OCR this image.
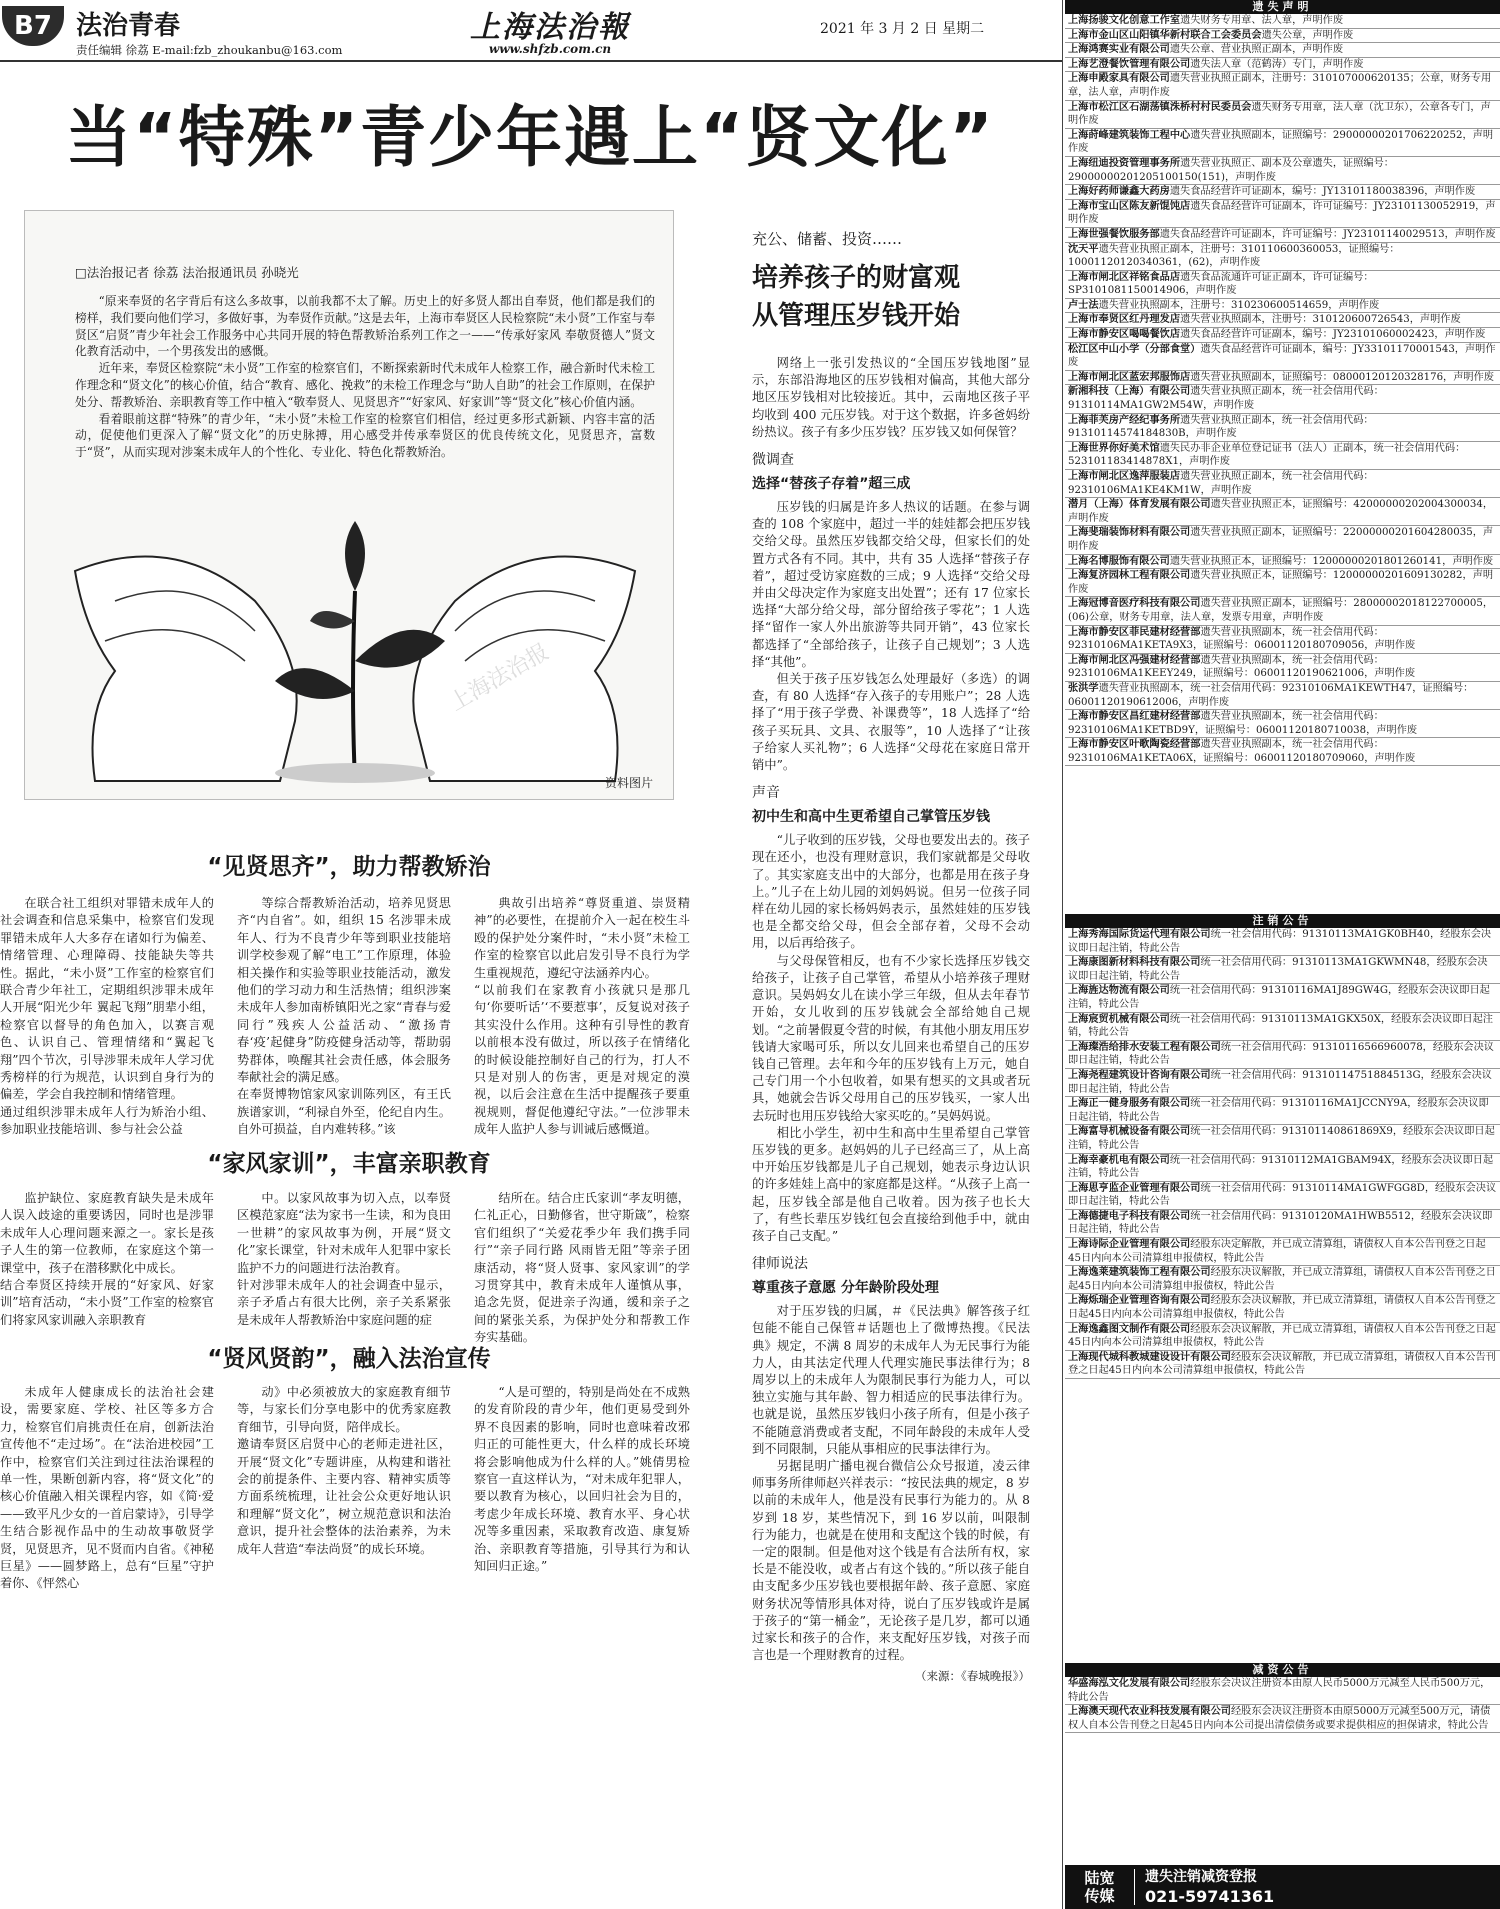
B7 法治青春
责任编辑 徐荔 E-mail:fzb_zhoukanbu@163.com
上海法治報
www.shfzb.com.cn
2021 年 3 月 2 日 星期二
当“特殊”青少年遇上“贤文化”
□法治报记者 徐荔 法治报通讯员 孙晓光

“原来奉贤的名字背后有这么多故事，以前我都不太了解。历史上的好多贤人都出自奉贤，他们都是我们的榜样，我们要向他们学习，多做好事，为奉贤作贡献。”这是去年，上海市奉贤区人民检察院“未小贤”工作室与奉贤区“启贤”青少年社会工作服务中心共同开展的特色帮教矫治系列工作之一——“传承好家风 奉敬贤德人”贤文化教育活动中，一个男孩发出的感慨。

近年来，奉贤区检察院“未小贤”工作室的检察官们，不断探索新时代未成年人检察工作，融合新时代未检工作理念和“贤文化”的核心价值，结合“教育、感化、挽救”的未检工作理念与“助人自助”的社会工作原则，在保护处分、帮教矫治、亲职教育等工作中植入“敬奉贤人、见贤思齐”“好家风、好家训”等“贤文化”核心价值内涵。

看着眼前这群“特殊”的青少年，“未小贤”未检工作室的检察官们相信，经过更多形式新颖、内容丰富的活动，促使他们更深入了解“贤文化”的历史脉搏，用心感受并传承奉贤区的优良传统文化，见贤思齐，富数于“贤”，从而实现对涉案未成年人的个性化、专业化、特色化帮教矫治。

上海法治报
资料图片
“见贤思齐”，助力帮教矫治

在联合社工组织对罪错未成年人的社会调查和信息采集中，检察官们发现罪错未成年人大多存在诸如行为偏差、情绪管理、心理障碍、技能缺失等共性。据此，“未小贤”工作室的检察官们联合青少年社工，定期组织涉罪未成年人开展“阳光少年 翼起飞翔”朋辈小组，检察官以督导的角色加入，以赛言观色、认识自己、管理情绪和“翼起飞翔”四个节次，引导涉罪未成年人学习优秀榜样的行为规范，认识到自身行为的偏差，学会自我控制和情绪管理。
通过组织涉罪未成年人行为矫治小组、参加职业技能培训、参与社会公益

等综合帮教矫治活动，培养见贤思齐“内自省”。如，组织 15 名涉罪未成年人、行为不良青少年等到职业技能培训学校参观了解“电工”工作原理，体验相关操作和实验等职业技能活动，激发他们的学习动力和生活热情；组织涉案未成年人参加南桥镇阳光之家“青春与爱同行”残疾人公益活动、“激扬青春‘疫’起健身”防疫健身活动等，帮助弱势群体，唤醒其社会责任感，体会服务奉献社会的满足感。
在奉贤博物馆家风家训陈列区，有王氏族谱家训，“利禄自外至，伦纪自内生。自外可损益，自内难转移。”该

典故引出培养“尊贤重道、崇贤精神”的必要性，在提前介入一起在校生斗殴的保护处分案件时，“未小贤”未检工作室的检察官以此启发引导不良行为学生重视规范，遵纪守法涵养内心。
“以前我们在家教育小孩就只是那几句‘你要听话’‘不要惹事’，反复说对孩子其实没什么作用。这种有引导性的教育以前根本没有做过，所以孩子在情绪化的时候设能控制好自己的行为，打人不只是对别人的伤害，更是对规定的漠视，以后会注意在生活中提醒孩子要重视规则，督促他遵纪守法。”一位涉罪未成年人监护人参与训诫后感慨道。

“家风家训”，丰富亲职教育

监护缺位、家庭教育缺失是未成年人误入歧途的重要诱因，同时也是涉罪未成年人心理问题来源之一。家长是孩子人生的第一位教师，在家庭这个第一课堂中，孩子在潜移默化中成长。
结合奉贤区持续开展的“好家风、好家训”培育活动，“未小贤”工作室的检察官们将家风家训融入亲职教育

中。以家风故事为切入点，以奉贤区模范家庭“法为家书一生读，和为良田一世耕”的家风故事为例，开展“贤文化”家长课堂，针对未成年人犯罪中家长监护不力的问题进行法治教育。
针对涉罪未成年人的社会调查中显示，亲子矛盾占有很大比例，亲子关系紧张是未成年人帮教矫治中家庭问题的症

结所在。结合庄氏家训“孝友明德，仁礼正心，日勤修省，世守斯箴”，检察官们组织了“关爱花季少年 我们携手同行”“亲子同行路 风雨皆无阻”等亲子团康活动，将“贤人贤事、家风家训”的学习贯穿其中，教育未成年人谨慎从事，追念先贤，促进亲子沟通，缓和亲子之间的紧张关系，为保护处分和帮教工作夯实基础。

“贤风贤韵”，融入法治宣传

未成年人健康成长的法治社会建设，需要家庭、学校、社区等多方合力，检察官们肩挑责任在肩，创新法治宣传他不“走过场”。在“法治进校园”工作中，检察官们关注到过往法治课程的单一性，果断创新内容，将“贤文化”的核心价值融入相关课程内容，如《简·爱——致平凡少女的一首启蒙诗》，引导学生结合影视作品中的生动故事敬贤学贤，见贤思齐，见不贤而内自省。《神秘巨星》——圆梦路上，总有“巨星”守护着你、《怦然心

动》中必须被放大的家庭教育细节等，与家长们分享电影中的优秀家庭教育细节，引导向贤，陪伴成长。
邀请奉贤区启贤中心的老师走进社区，开展“贤文化”专题讲座，从构建和谐社会的前提条件、主要内容、精神实质等方面系统梳理，让社会公众更好地认识和理解“贤文化”，树立规范意识和法治意识，提升社会整体的法治素养，为未成年人营造“奉法尚贤”的成长环境。

“人是可塑的，特别是尚处在不成熟的发育阶段的青少年，他们更易受到外界不良因素的影响，同时也意味着改邪归正的可能性更大，什么样的成长环境将会影响他成为什么样的人。”姚倩男检察官一直这样认为，“对未成年犯罪人，要以教育为核心，以回归社会为目的，考虑少年成长环境、教育水平、身心状况等多重因素，采取教育改造、康复矫治、亲职教育等措施，引导其行为和认知回归正途。”

充公、储蓄、投资……
培养孩子的财富观
从管理压岁钱开始

网络上一张引发热议的“全国压岁钱地图”显示，东部沿海地区的压岁钱相对偏高，其他大部分地区压岁钱相对比较接近。其中，云南地区孩子平均收到 400 元压岁钱。对于这个数据，许多爸妈纷纷热议。孩子有多少压岁钱？压岁钱又如何保管？

微调查
选择“替孩子存着”超三成

压岁钱的归属是许多人热议的话题。在参与调查的 108 个家庭中，超过一半的娃娃都会把压岁钱交给父母。虽然压岁钱都交给父母，但家长们的处置方式各有不同。其中，共有 35 人选择“替孩子存着”，超过受访家庭数的三成；9 人选择“交给父母并由父母决定作为家庭支出处置”；还有 17 位家长选择“大部分给父母，部分留给孩子零花”；1 人选择“留作一家人外出旅游等共同开销”，43 位家长都选择了“全部给孩子，让孩子自己规划”；3 人选择“其他”。

但关于孩子压岁钱怎么处理最好（多选）的调查，有 80 人选择“存入孩子的专用账户”；28 人选择了“用于孩子学费、补课费等”，18 人选择了“给孩子买玩具、文具、衣服等”，10 人选择了“让孩子给家人买礼物”；6 人选择“父母花在家庭日常开销中”。

声音
初中生和高中生更希望自己掌管压岁钱

“儿子收到的压岁钱，父母也要发出去的。孩子现在还小，也没有理财意识，我们家就都是父母收了。其实家庭支出中的大部分，也都是用在孩子身上。”儿子在上幼儿园的刘妈妈说。但另一位孩子同样在幼儿园的家长杨妈妈表示，虽然娃娃的压岁钱也是全都交给父母，但会全部存着，父母不会动用，以后再给孩子。

与父母保管相反，也有不少家长选择压岁钱交给孩子，让孩子自己掌管，希望从小培养孩子理财意识。吴妈妈女儿在读小学三年级，但从去年春节开始，女儿收到的压岁钱就会全部给她自己规划。“之前暑假夏令营的时候，有其他小朋友用压岁钱请大家喝可乐，所以女儿回来也希望自己的压岁钱自己管理。去年和今年的压岁钱有上万元，她自己专门用一个小包收着，如果有想买的文具或者玩具，她就会告诉父母用自己的压岁钱买，一家人出去玩时也用压岁钱给大家买吃的。”吴妈妈说。

相比小学生，初中生和高中生里希望自己掌管压岁钱的更多。赵妈妈的儿子已经高三了，从上高中开始压岁钱都是儿子自己规划，她表示身边认识的许多娃娃上高中的家庭都是这样。“从孩子上高一起，压岁钱全部是他自己收着。因为孩子也长大了，有些长辈压岁钱红包会直接给到他手中，就由孩子自己支配。”

律师说法
尊重孩子意愿 分年龄阶段处理

对于压岁钱的归属，＃《民法典》解答孩子红包能不能自己保管＃话题也上了微博热搜。《民法典》规定，不满 8 周岁的未成年人为无民事行为能力人，由其法定代理人代理实施民事法律行为；8 周岁以上的未成年人为限制民事行为能力人，可以独立实施与其年龄、智力相适应的民事法律行为。也就是说，虽然压岁钱归小孩子所有，但是小孩子不能随意消费或者支配，不同年龄段的未成年人受到不同限制，只能从事相应的民事法律行为。

另据昆明广播电视台微信公众号报道，凌云律师事务所律师赵兴祥表示：“按民法典的规定，8 岁以前的未成年人，他是没有民事行为能力的。从 8 岁到 18 岁，某些情况下，到 16 岁以前，叫限制行为能力，也就是在使用和支配这个钱的时候，有一定的限制。但是他对这个钱是有合法所有权，家长是不能没收，或者占有这个钱的。”所以孩子能自由支配多少压岁钱也要根据年龄、孩子意愿、家庭财务状况等情形具体对待，说白了压岁钱或许是属于孩子的“第一桶金”，无论孩子是几岁，都可以通过家长和孩子的合作，来支配好压岁钱，对孩子而言也是一个理财教育的过程。

（来源：《春城晚报》）
遗失声明
上海扬骏文化创意工作室遗失财务专用章、法人章，声明作废
上海市金山区山阳镇华新村联合工会委员会遗失公章，声明作废
上海鸿赛实业有限公司遗失公章、营业执照正副本，声明作废
上海艺澄餐饮管理有限公司遗失法人章（范鹤涛）专门，声明作废
上海申殿家具有限公司遗失营业执照正副本，注册号：310107000620135；公章，财务专用章，法人章，声明作废
上海市松江区石湖荡镇洙桥村村民委员会遗失财务专用章，法人章（沈卫东），公章各专门，声明作废
上海莳峰建筑装饰工程中心遗失营业执照副本，证照编号：29000000201706220252，声明作废
上海纽迪投资管理事务所遗失营业执照正、副本及公章遗失，证照编号：29000000201205100150(151)，声明作废
上海好药师谦鑫大药房遗失食品经营许可证副本，编号：JY13101180038396，声明作废
上海市宝山区陈友新馄饨店遗失食品经营许可证副本，许可证编号：JY23101130052919，声明作废
上海世强餐饮服务部遗失食品经营许可证副本，许可证编号：JY23101140029513，声明作废
沈天平遗失营业执照正副本，注册号：310110600360053，证照编号：10001120120340361，(62)，声明作废
上海市闸北区祥铭食品店遗失食品流通许可证正副本，许可证编号：SP3101081150014906，声明作废
卢士法遗失营业执照副本，注册号：310230600514659，声明作废
上海市奉贤区红丹理发店遗失营业执照副本，注册号：310120600726543，声明作废
上海市静安区喝喝餐饮店遗失食品经营许可证副本，编号：JY23101060002423，声明作废
松江区中山小学（分部食堂）遗失食品经营许可证副本，编号：JY33101170001543，声明作废
上海市闸北区蓝宏邦服饰店遗失营业执照副本，证照编号：08000120120328176，声明作废
新湘科技（上海）有限公司遗失营业执照正副本，统一社会信用代码：91310114MA1GW2M54W，声明作废
上海菲芙房产经纪事务所遗失营业执照正副本，统一社会信用代码：91310114574184830B，声明作废
上海世界你好美术馆遗失民办非企业单位登记证书（法人）正副本，统一社会信用代码：523101183414878X1，声明作废
上海市闸北区逸萍服装店遗失营业执照正副本，统一社会信用代码：92310106MA1KE4KM1W，声明作废
潜月（上海）体育发展有限公司遗失营业执照正本，证照编号：42000000202004300034，声明作废
上海斐瑞装饰材料有限公司遗失营业执照正副本，证照编号：22000000201604280035，声明作废
上海名博服饰有限公司遗失营业执照正本，证照编号：12000000201801260141，声明作废
上海复济园林工程有限公司遗失营业执照正本，证照编号：12000000201609130282，声明作废
上海冠博音医疗科技有限公司遗失营业执照正副本，证照编号：28000002018122700005，(06)公章，财务专用章，法人章，发票专用章，声明作废
上海市静安区菲民建材经营部遗失营业执照副本，统一社会信用代码：92310106MA1KETA9X3，证照编号：06001120180709056，声明作废
上海市闸北区冯强建材经营部遗失营业执照副本，统一社会信用代码：92310106MA1KEEY249，证照编号：06001120190621006，声明作废
张洪学遗失营业执照副本，统一社会信用代码：92310106MA1KEWTH47，证照编号：06001120190612006，声明作废
上海市静安区昌红建材经营部遗失营业执照副本，统一社会信用代码：92310106MA1KETBD9Y，证照编号：06001120180710038，声明作废
上海市静安区叶歌陶瓷经营部遗失营业执照副本，统一社会信用代码：92310106MA1KETA06X，证照编号：06001120180709060，声明作废
注销公告
上海秀海国际货运代理有限公司统一社会信用代码：91310113MA1GK0BH40，经股东会决议即日起注销，特此公告
上海康图新材料科技有限公司统一社会信用代码：91310113MA1GKWMN48，经股东会决议即日起注销，特此公告
上海旌达物流有限公司统一社会信用代码：91310116MA1J89GW4G，经股东会决议即日起注销，特此公告
上海宸贸机械有限公司统一社会信用代码：91310113MA1GKX50X，经股东会决议即日起注销，特此公告
上海璨浩给排水安装工程有限公司统一社会信用代码：91310116566960078，经股东会决议即日起注销，特此公告
上海尧程建筑设计咨询有限公司统一社会信用代码：91310114751884513G，经股东会决议即日起注销，特此公告
上海正一健身服务有限公司统一社会信用代码：91310116MA1JCCNY9A，经股东会决议即日起注销，特此公告
上海富导机械设备有限公司统一社会信用代码：913101140861869X9，经股东会决议即日起注销，特此公告
上海幸豪机电有限公司统一社会信用代码：91310112MA1GBAM94X，经股东会决议即日起注销，特此公告
上海思亨监企业管理有限公司统一社会信用代码：91310114MA1GWFGG8D，经股东会决议即日起注销，特此公告
上海德捷电子科技有限公司统一社会信用代码：91310120MA1HWB5512，经股东会决议即日起注销，特此公告
上海诗际企业管理有限公司经股东决定解散，并已成立清算组，请债权人自本公告刊登之日起45日内向本公司清算组申报债权，特此公告
上海逸莱建筑装饰工程有限公司经股东决议解散，并已成立清算组，请债权人自本公告刊登之日起45日内向本公司清算组申报债权，特此公告
上海烁瑞企业管理咨询有限公司经股东会决议解散，并已成立清算组，请债权人自本公告刊登之日起45日内向本公司清算组申报债权，特此公告
上海逸鑫图文制作有限公司经股东会决议解散，并已成立清算组，请债权人自本公告刊登之日起45日内向本公司清算组申报债权，特此公告
上海现代城科教城建设设计有限公司经股东会决议解散，并已成立清算组，请债权人自本公告刊登之日起45日内向本公司清算组申报债权，特此公告
减资公告
华盛海泓文化发展有限公司经股东会决议注册资本由原人民币5000万元减至人民币500万元，特此公告
上海澳天现代农业科技发展有限公司经股东会决议注册资本由原5000万元减至500万元，请债权人自本公告刊登之日起45日内向本公司提出清偿债务或要求提供相应的担保请求，特此公告
陆宽
传媒
遗失注销减资登报
021-59741361
